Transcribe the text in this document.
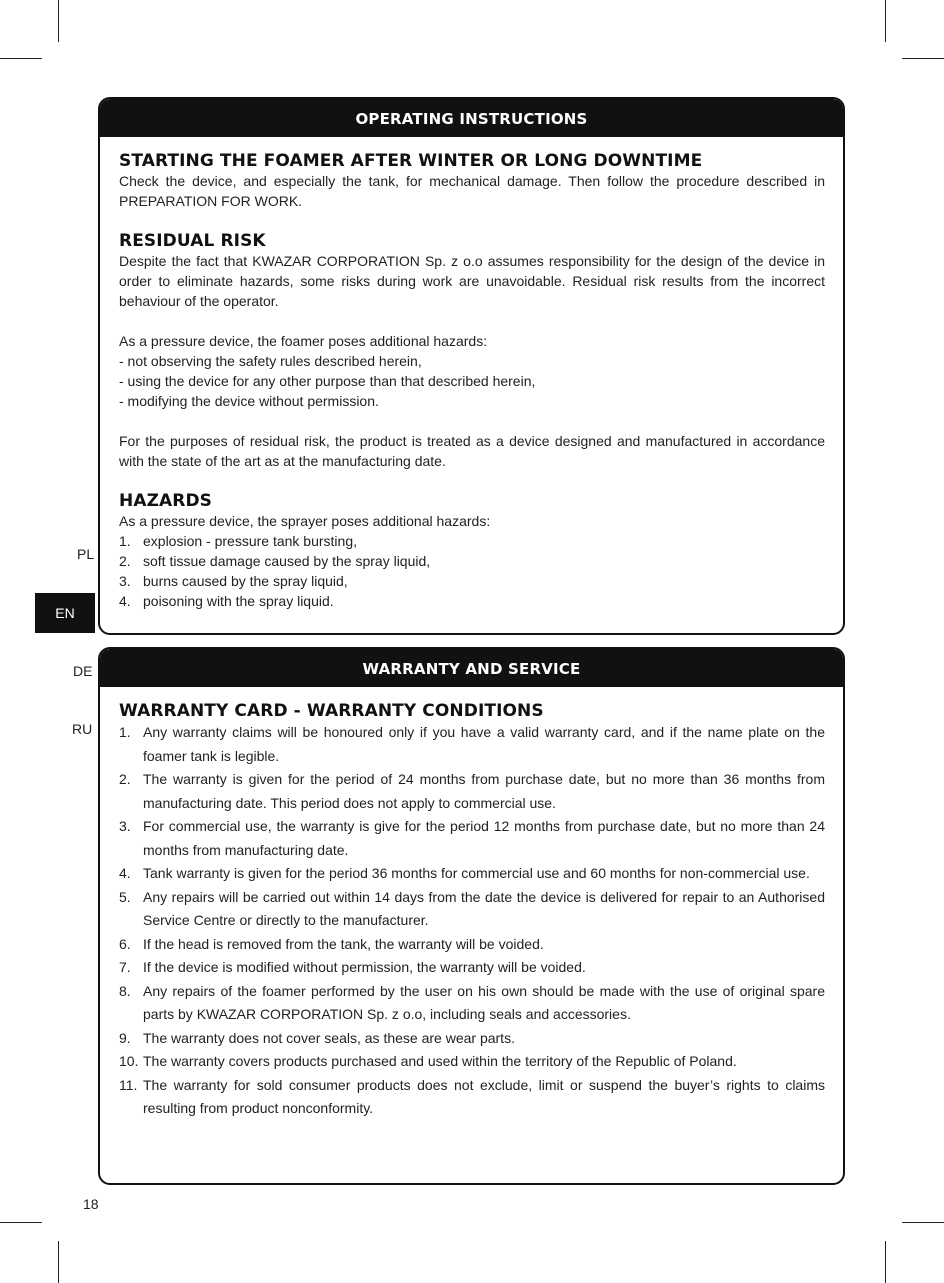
PL
EN
DE
RU
OPERATING INSTRUCTIONS
STARTING THE FOAMER AFTER WINTER OR LONG DOWNTIME

Check the device, and especially the tank, for mechanical damage. Then follow the procedure described in PREPARATION FOR WORK.

RESIDUAL RISK

Despite the fact that KWAZAR CORPORATION Sp. z o.o assumes responsibility for the design of the device in order to eliminate hazards, some risks during work are unavoidable. Residual risk results from the incorrect behaviour of the operator.

As a pressure device, the foamer poses additional hazards:

- not observing the safety rules described herein,

- using the device for any other purpose than that described herein,

- modifying the device without permission.

For the purposes of residual risk, the product is treated as a device designed and manufactured in accordance with the state of the art as at the manufacturing date.

HAZARDS

As a pressure device, the sprayer poses additional hazards:

1. explosion - pressure tank bursting,
2. soft tissue damage caused by the spray liquid,
3. burns caused by the spray liquid,
4. poisoning with the spray liquid.
WARRANTY AND SERVICE
WARRANTY CARD - WARRANTY CONDITIONS
1. Any warranty claims will be honoured only if you have a valid warranty card, and if the name plate on the foamer tank is legible.
2. The warranty is given for the period of 24 months from purchase date, but no more than 36 months from manufacturing date. This period does not apply to commercial use.
3. For commercial use, the warranty is give for the period 12 months from purchase date, but no more than 24 months from manufacturing date.
4. Tank warranty is given for the period 36 months for commercial use and 60 months for non-commercial use.
5. Any repairs will be carried out within 14 days from the date the device is delivered for repair to an Authorised Service Centre or directly to the manufacturer.
6. If the head is removed from the tank, the warranty will be voided.
7. If the device is modified without permission, the warranty will be voided.
8. Any repairs of the foamer performed by the user on his own should be made with the use of original spare parts by KWAZAR CORPORATION Sp. z o.o, including seals and accessories.
9. The warranty does not cover seals, as these are wear parts.
10. The warranty covers products purchased and used within the territory of the Republic of Poland.
11. The warranty for sold consumer products does not exclude, limit or suspend the buyer’s rights to claims resulting from product nonconformity.
18
